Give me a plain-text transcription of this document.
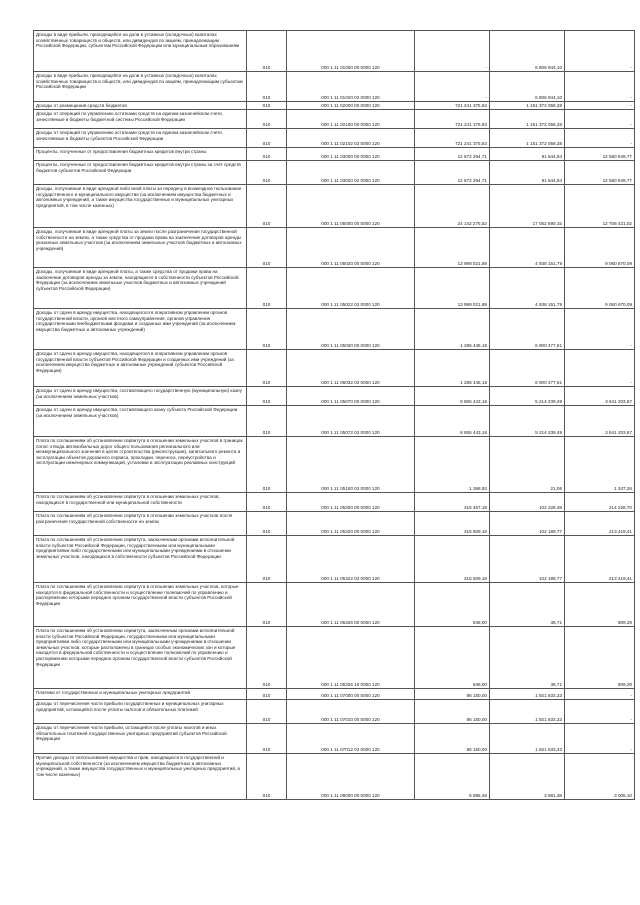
Доходы в виде прибыли, приходящейся на доли в уставных (складочных) капиталах хозяйственных товариществ и обществ, или дивидендов по акциям, принадлежащим Российской Федерации, субъектам Российской Федерации или муниципальным образованиям	010	000 1 11 01000 00 0000 120	-	6 808 944,10	-
Доходы в виде прибыли, приходящейся на доли в уставных (складочных) капиталах хозяйственных товариществ и обществ, или дивидендов по акциям, принадлежащим субъектам Российской Федерации	010	000 1 11 01020 02 0000 120	-	6 808 944,10	-
Доходы от размещения средств бюджетов	010	000 1 11 02000 00 0000 120	721 241 375,82	1 151 372 058,38	-
Доходы от операций по управлению остатками средств на едином казначейском счете, зачисляемые в бюджеты бюджетной системы Российской Федерации	010	000 1 11 02100 00 0000 120	721 241 375,82	1 151 372 058,38	-
Доходы от операций по управлению остатками средств на едином казначейском счете, зачисляемые в бюджеты субъектов Российской Федерации	010	000 1 11 02102 02 0000 120	721 241 375,82	1 151 372 058,38	-
Проценты, полученные от предоставления бюджетных кредитов внутри страны	010	000 1 11 03000 00 0000 120	12 672 294,71	91 644,94	12 580 649,77
Проценты, полученные от предоставления бюджетных кредитов внутри страны за счет средств бюджетов субъектов Российской Федерации	010	000 1 11 03020 02 0000 120	12 672 294,71	91 644,94	12 580 649,77
Доходы, получаемые в виде арендной либо иной платы за передачу в возмездное пользование государственного и муниципального имущества (за исключением имущества бюджетных и автономных учреждений, а также имущества государственных и муниципальных унитарных предприятий, в том числе казенных)	010	000 1 11 05000 00 0000 120	24 142 275,52	17 052 690,15	12 708 421,02
Доходы, получаемые в виде арендной платы за земли после разграничения государственной собственности на землю, а также средства от продажи права на заключение договоров аренды указанных земельных участков (за исключением земельных участков бюджетных и автономных учреждений)	010	000 1 11 05020 00 0000 120	13 999 021,88	4 938 151,79	9 060 870,09
Доходы, получаемые в виде арендной платы, а также средства от продажи права на заключение договоров аренды за земли, находящиеся в собственности субъектов Российской Федерации (за исключением земельных участков бюджетных и автономных учреждений субъектов Российской Федерации)	010	000 1 11 05022 02 0000 120	13 999 021,88	4 938 151,79	9 060 870,09
Доходы от сдачи в аренду имущества, находящегося в оперативном управлении органов государственной власти, органов местного самоуправления, органов управления государственными внебюджетными фондами и созданных ими учреждений (за исключением имущества бюджетных и автономных учреждений)	010	000 1 11 05030 00 0000 120	1 286 445,18	6 900 477,61	-
Доходы от сдачи в аренду имущества, находящегося в оперативном управлении органов государственной власти субъектов Российской Федерации и созданных ими учреждений (за исключением имущества бюджетных и автономных учреждений субъектов Российской Федерации)	010	000 1 11 05032 02 0000 120	1 286 445,18	6 900 477,61	-
Доходы от сдачи в аренду имущества, составляющего государственную (муниципальную) казну (за исключением земельных участков)	010	000 1 11 05070 00 0000 120	8 855 443,16	5 214 239,49	3 641 203,67
Доходы от сдачи в аренду имущества, составляющего казну субъекта Российской Федерации (за исключением земельных участков)	010	000 1 11 05072 02 0000 120	8 855 443,16	5 214 239,49	3 641 203,67
Плата по соглашениям об установлении сервитута в отношении земельных участков в границах полос отвода автомобильных дорог общего пользования регионального или межмуниципального значения в целях строительства (реконструкции), капитального ремонта и эксплуатации объектов дорожного сервиса, прокладки, переноса, переустройства и эксплуатации инженерных коммуникаций, установки и эксплуатации рекламных конструкций	010	000 1 11 05100 02 0000 120	1 368,82	21,06	1 347,26
Плата по соглашениям об установлении сервитута в отношении земельных участков, находящихся в государственной или муниципальной собственности	010	000 1 11 05300 00 0000 120	316 457,18	102 228,48	214 228,70
Плата по соглашениям об установлении сервитута в отношении земельных участков после разграничения государственной собственности на землю	010	000 1 11 05320 00 0000 120	315 609,18	102 189,77	213 419,41
Плата по соглашениям об установлении сервитута, заключенным органами исполнительной власти субъектов Российской Федерации, государственными или муниципальными предприятиями либо государственными или муниципальными учреждениями в отношении земельных участков, находящихся в собственности субъектов Российской Федерации	010	000 1 11 05322 02 0000 120	315 609,18	102 189,77	213 419,41
Плата по соглашениям об установлении сервитута в отношении земельных участков, которые находятся в федеральной собственности и осуществление полномочий по управлению и распоряжению которыми передано органам государственной власти субъектов Российской Федерации	010	000 1 11 05326 00 0000 120	848,00	38,71	809,29
Плата по соглашениям об установлении сервитута, заключенным органами исполнительной власти субъектов Российской Федерации, государственными или муниципальными предприятиями либо государственными или муниципальными учреждениями в отношении земельных участков, которые расположены в границах особых экономических зон и которые находятся в федеральной собственности и осуществление полномочий по управлению и распоряжению которыми передано органам государственной власти субъектов Российской Федерации	010	000 1 11 05326 10 0000 120	848,00	38,71	809,29
Платежи от государственных и муниципальных унитарных предприятий	010	000 1 11 07000 00 0000 120	86 150,00	1 921 833,33	-
Доходы от перечисления части прибыли государственных и муниципальных унитарных предприятий, остающейся после уплаты налогов и обязательных платежей	010	000 1 11 07010 00 0000 120	86 150,00	1 921 833,33	-
Доходы от перечисления части прибыли, остающейся после уплаты налогов и иных обязательных платежей государственных унитарных предприятий субъектов Российской Федерации	010	000 1 11 07012 02 0000 120	86 150,00	1 921 833,33	-
Прочие доходы от использования имущества и прав, находящихся в государственной и муниципальной собственности (за исключением имущества бюджетных и автономных учреждений, а также имущества государственных и муниципальных унитарных предприятий, в том числе казенных)	010	000 1 11 09000 00 0000 120	6 886,48	3 881,38	3 005,10
